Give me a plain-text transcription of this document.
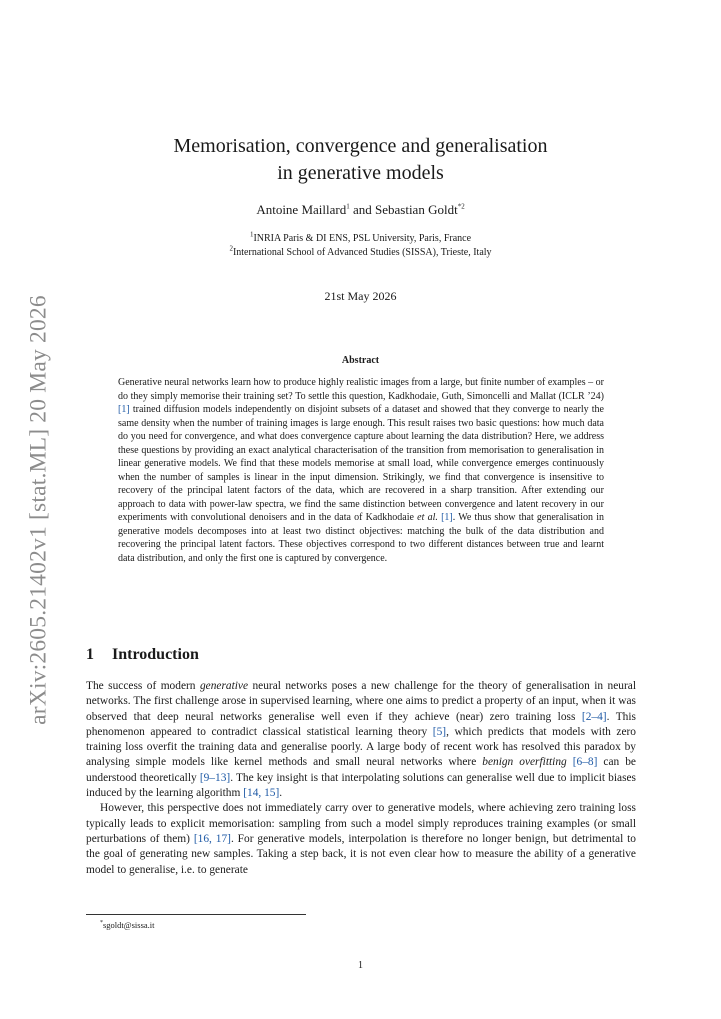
arXiv:2605.21402v1 [stat.ML] 20 May 2026
Memorisation, convergence and generalisation
in generative models
Antoine Maillard$^1$ and Sebastian Goldt$^{*2}$
$^1$INRIA Paris & DI ENS, PSL University, Paris, France
$^2$International School of Advanced Studies (SISSA), Trieste, Italy
21st May 2026
Abstract
Generative neural networks learn how to produce highly realistic images from a large, but finite number of examples – or do they simply memorise their training set? To settle this question, Kadkhodaie, Guth, Simoncelli and Mallat (ICLR ’24) [1] trained diffusion models independently on disjoint subsets of a dataset and showed that they converge to nearly the same density when the number of training images is large enough. This result raises two basic questions: how much data do you need for convergence, and what does convergence capture about learning the data distribution? Here, we address these questions by providing an exact analytical characterisation of the transition from memorisation to generalisation in linear generative models. We find that these models memorise at small load, while convergence emerges continuously when the number of samples is linear in the input dimension. Strikingly, we find that convergence is insensitive to recovery of the principal latent factors of the data, which are recovered in a sharp transition. After extending our approach to data with power-law spectra, we find the same distinction between convergence and latent recovery in our experiments with convolutional denoisers and in the data of Kadkhodaie et al. [1]. We thus show that generalisation in generative models decomposes into at least two distinct objectives: matching the bulk of the data distribution and recovering the principal latent factors. These objectives correspond to two different distances between true and learnt data distribution, and only the first one is captured by convergence.
1 Introduction

The success of modern generative neural networks poses a new challenge for the theory of generalisation in neural networks. The first challenge arose in supervised learning, where one aims to predict a property of an input, when it was observed that deep neural networks generalise well even if they achieve (near) zero training loss [2–4]. This phenomenon appeared to contradict classical statistical learning theory [5], which predicts that models with zero training loss overfit the training data and generalise poorly. A large body of recent work has resolved this paradox by analysing simple models like kernel methods and small neural networks where benign overfitting [6–8] can be understood theoretically [9–13]. The key insight is that interpolating solutions can generalise well due to implicit biases induced by the learning algorithm [14, 15].

However, this perspective does not immediately carry over to generative models, where achieving zero training loss typically leads to explicit memorisation: sampling from such a model simply reproduces training examples (or small perturbations of them) [16, 17]. For generative models, interpolation is therefore no longer benign, but detrimental to the goal of generating new samples. Taking a step back, it is not even clear how to measure the ability of a generative model to generalise, i.e. to generate

*sgoldt@sissa.it
1
